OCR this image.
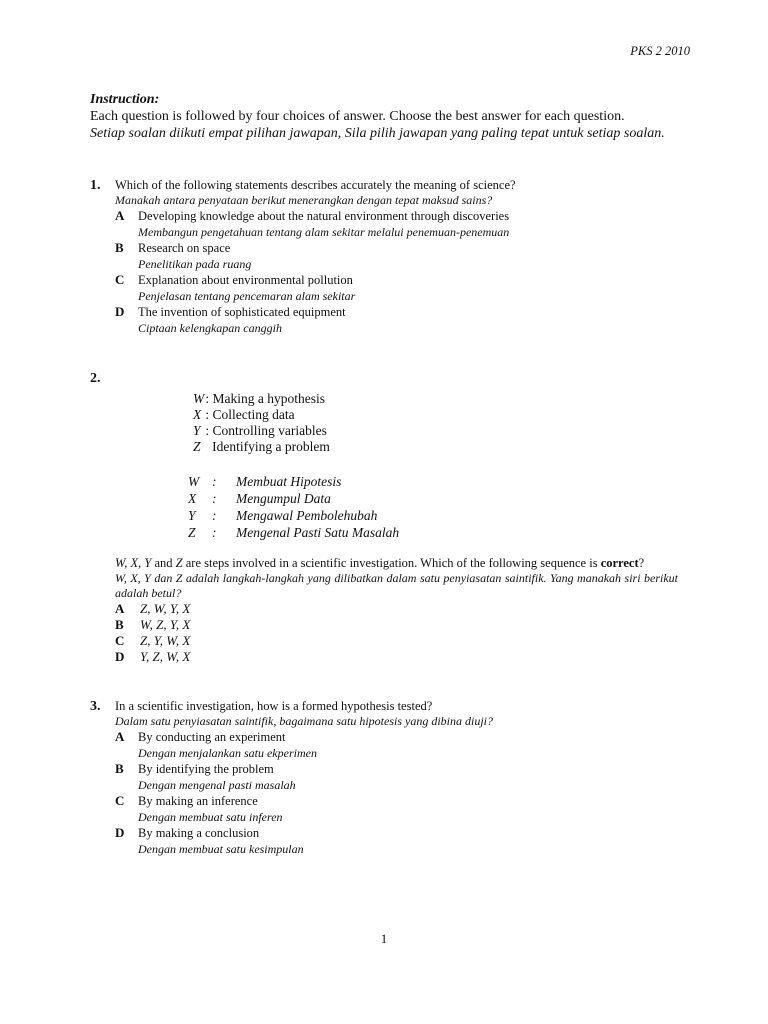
PKS 2 2010
Instruction:
Each question is followed by four choices of answer. Choose the best answer for each question.
Setiap soalan diikuti empat pilihan jawapan, Sila pilih jawapan yang paling tepat untuk setiap soalan.
1. Which of the following statements describes accurately the meaning of science?
Manakah antara penyataan berikut menerangkan dengan tepat maksud sains?
A Developing knowledge about the natural environment through discoveries
Membangun pengetahuan tentang alam sekitar melalui penemuan-penemuan
B Research on space
Penelitikan pada ruang
C Explanation about environmental pollution
Penjelasan tentang pencemaran alam sekitar
D The invention of sophisticated equipment
Ciptaan kelengkapan canggih
2.
W : Making a hypothesis
X : Collecting data
Y : Controlling variables
Z Identifying a problem
W : Membuat Hipotesis
X : Mengumpul Data
Y : Mengawal Pembolehubah
Z : Mengenal Pasti Satu Masalah
W, X, Y and Z are steps involved in a scientific investigation. Which of the following sequence is correct?
W, X, Y dan Z adalah langkah-langkah yang dilibatkan dalam satu penyiasatan saintifik. Yang manakah siri berikut adalah betul?
A Z, W, Y, X
B W, Z, Y, X
C Z, Y, W, X
D Y, Z, W, X
3. In a scientific investigation, how is a formed hypothesis tested?
Dalam satu penyiasatan saintifik, bagaimana satu hipotesis yang dibina diuji?
A By conducting an experiment
Dengan menjalankan satu ekperimen
B By identifying the problem
Dengan mengenal pasti masalah
C By making an inference
Dengan membuat satu inferen
D By making a conclusion
Dengan membuat satu kesimpulan
1
